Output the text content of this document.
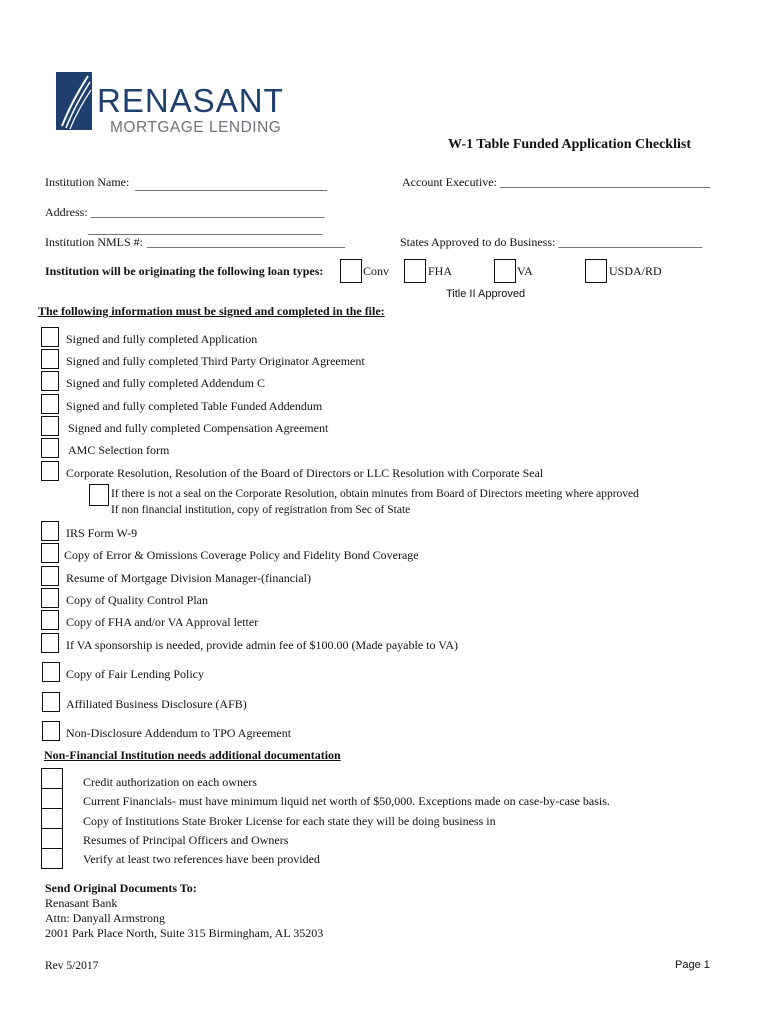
RENASANT
MORTGAGE LENDING
W-1 Table Funded Application Checklist
Institution Name: ________________________________	Account Executive: ___________________________________
Address: _______________________________________
_______________________________________
Institution NMLS #: _________________________________	States Approved to do Business: ________________________
Institution will be originating the following loan types:	Conv	FHA	VA	USDA/RD
Title II Approved
The following information must be signed and completed in the file:
Signed and fully completed Application
Signed and fully completed Third Party Originator Agreement
Signed and fully completed Addendum C
Signed and fully completed Table Funded Addendum
Signed and fully completed Compensation Agreement
AMC Selection form
Corporate Resolution, Resolution of the Board of Directors or LLC Resolution with Corporate Seal
If there is not a seal on the Corporate Resolution, obtain minutes from Board of Directors meeting where approved
If non financial institution, copy of registration from Sec of State
IRS Form W-9
Copy of Error & Omissions Coverage Policy and Fidelity Bond Coverage
Resume of Mortgage Division Manager-(financial)
Copy of Quality Control Plan
Copy of FHA and/or VA Approval letter
If VA sponsorship is needed, provide admin fee of $100.00 (Made payable to VA)
Copy of Fair Lending Policy
Affiliated Business Disclosure (AFB)
Non-Disclosure Addendum to TPO Agreement
Non-Financial Institution needs additional documentation
Credit authorization on each owners
Current Financials- must have minimum liquid net worth of $50,000. Exceptions made on case-by-case basis.
Copy of Institutions State Broker License for each state they will be doing business in
Resumes of Principal Officers and Owners
Verify at least two references have been provided
Send Original Documents To:
Renasant Bank
Attn: Danyall Armstrong
2001 Park Place North, Suite 315 Birmingham, AL 35203
Rev 5/2017	Page 1
